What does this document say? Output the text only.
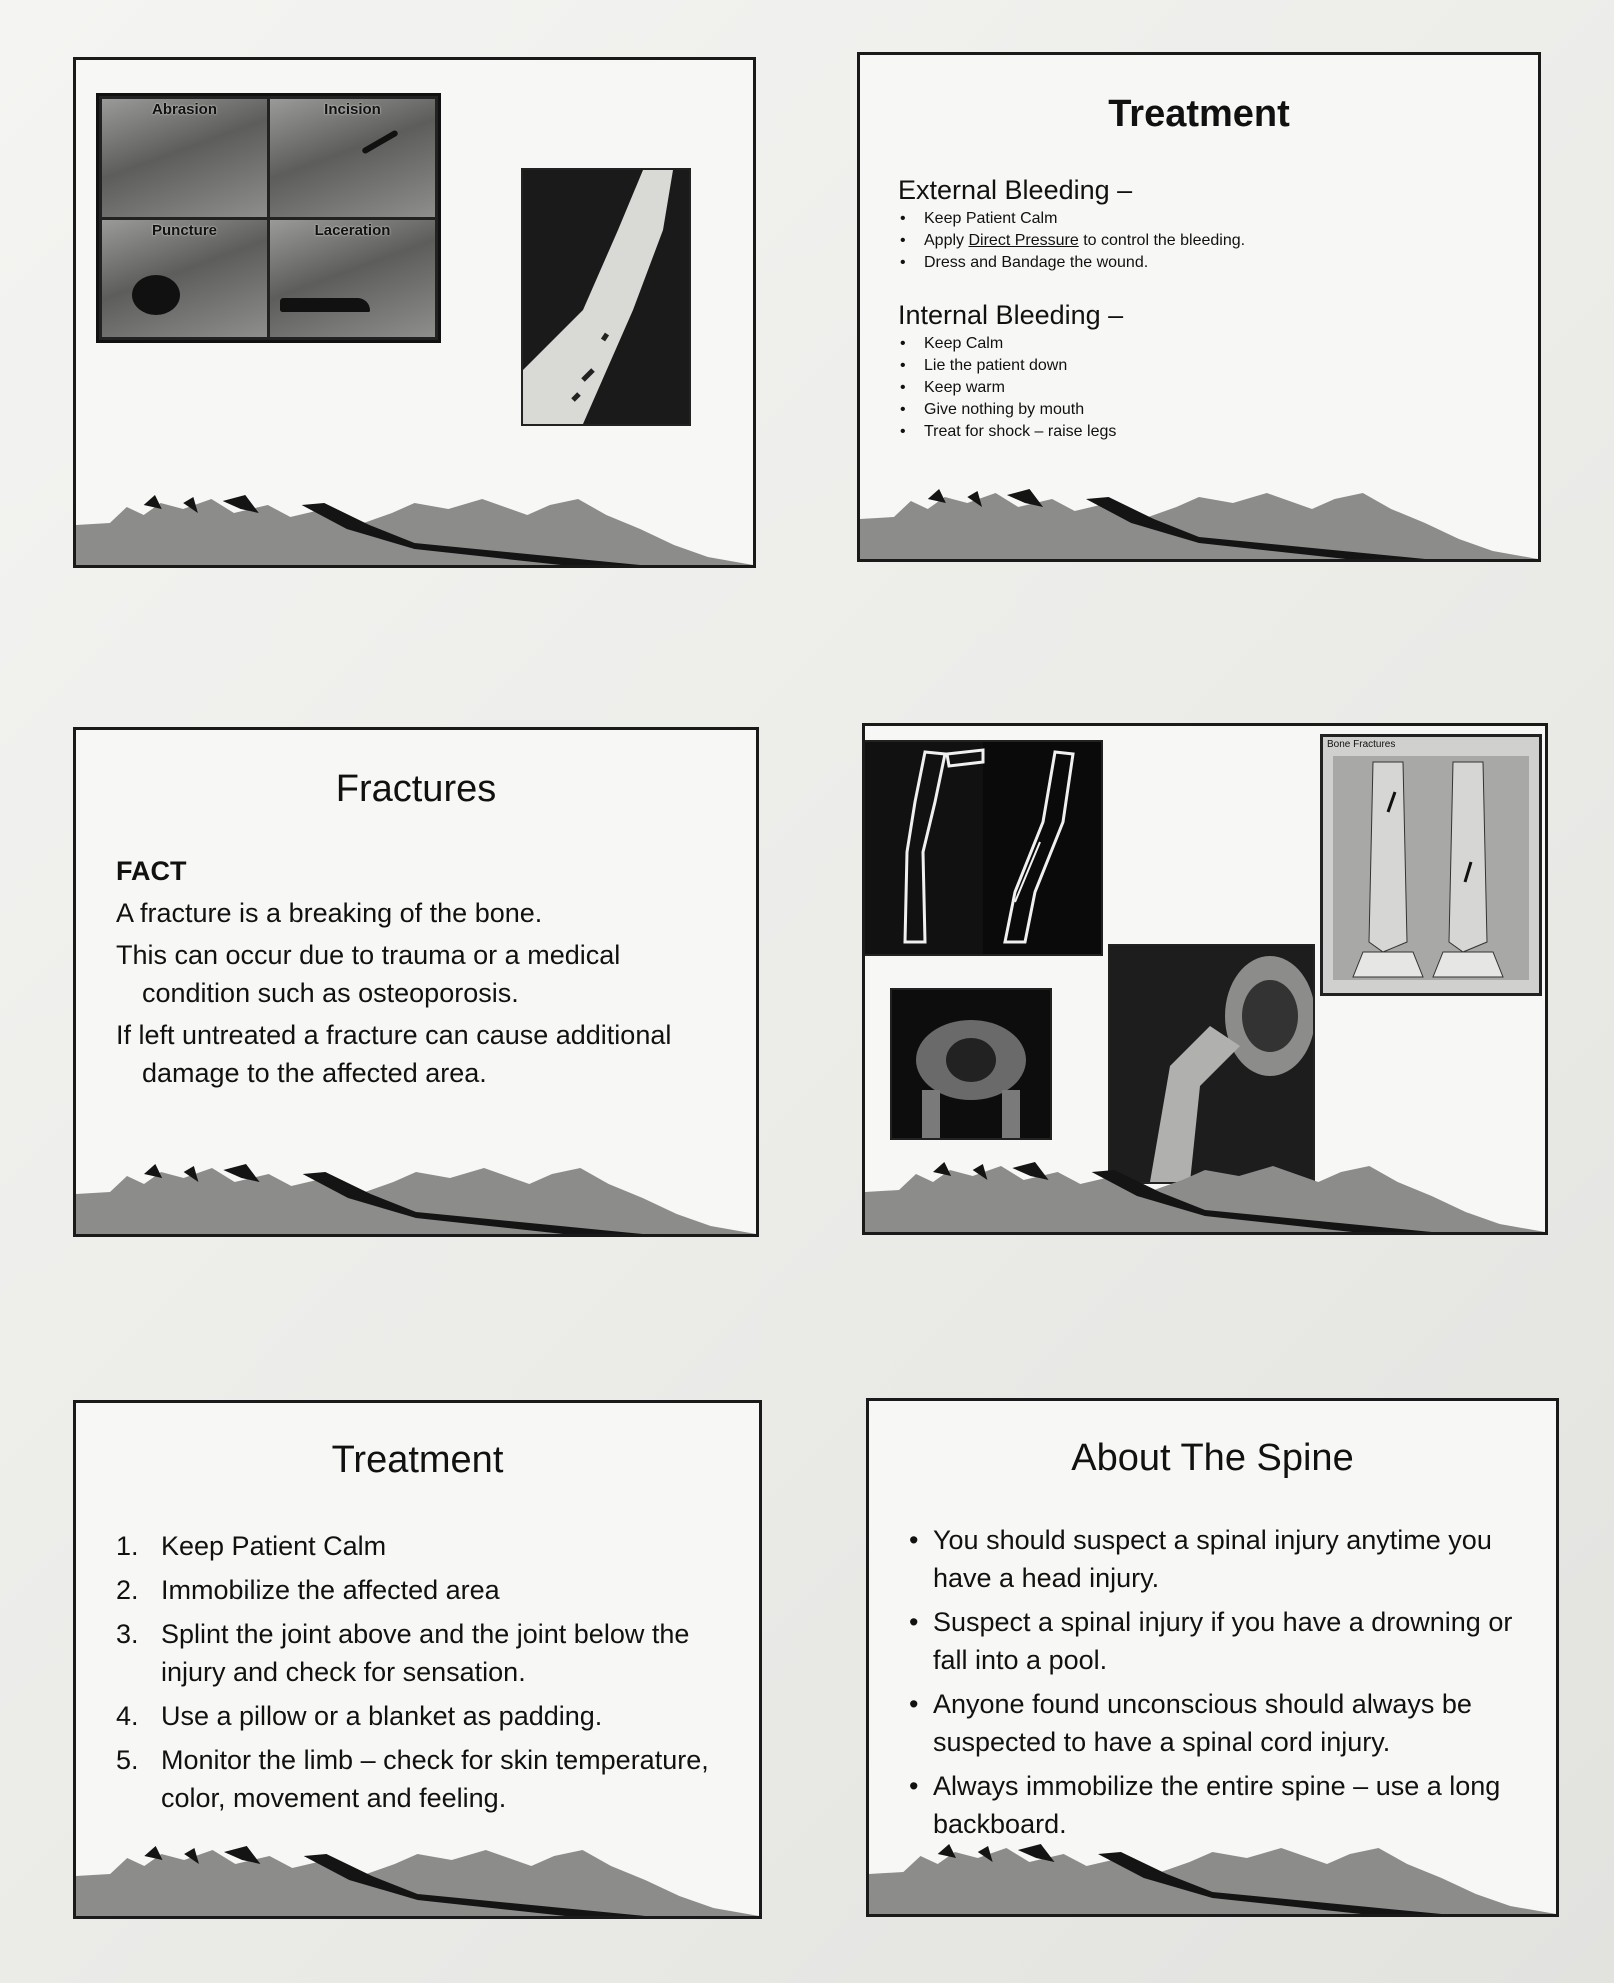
Abrasion	Incision
Puncture	Laceration
Treatment
External Bleeding –
• Keep Patient Calm
• Apply Direct Pressure to control the bleeding.
• Dress and Bandage the wound.
Internal Bleeding –
• Keep Calm
• Lie the patient down
• Keep warm
• Give nothing by mouth
• Treat for shock – raise legs
Fractures
FACT
A fracture is a breaking of the bone.
This can occur due to trauma or a medical condition such as osteoporosis.
If left untreated a fracture can cause additional damage to the affected area.
Bone Fractures
Treatment
1. Keep Patient Calm
2. Immobilize the affected area
3. Splint the joint above and the joint below the injury and check for sensation.
4. Use a pillow or a blanket as padding.
5. Monitor the limb – check for skin temperature, color, movement and feeling.
About The Spine
• You should suspect a spinal injury anytime you have a head injury.
• Suspect a spinal injury if you have a drowning or fall into a pool.
• Anyone found unconscious should always be suspected to have a spinal cord injury.
• Always immobilize the entire spine – use a long backboard.
